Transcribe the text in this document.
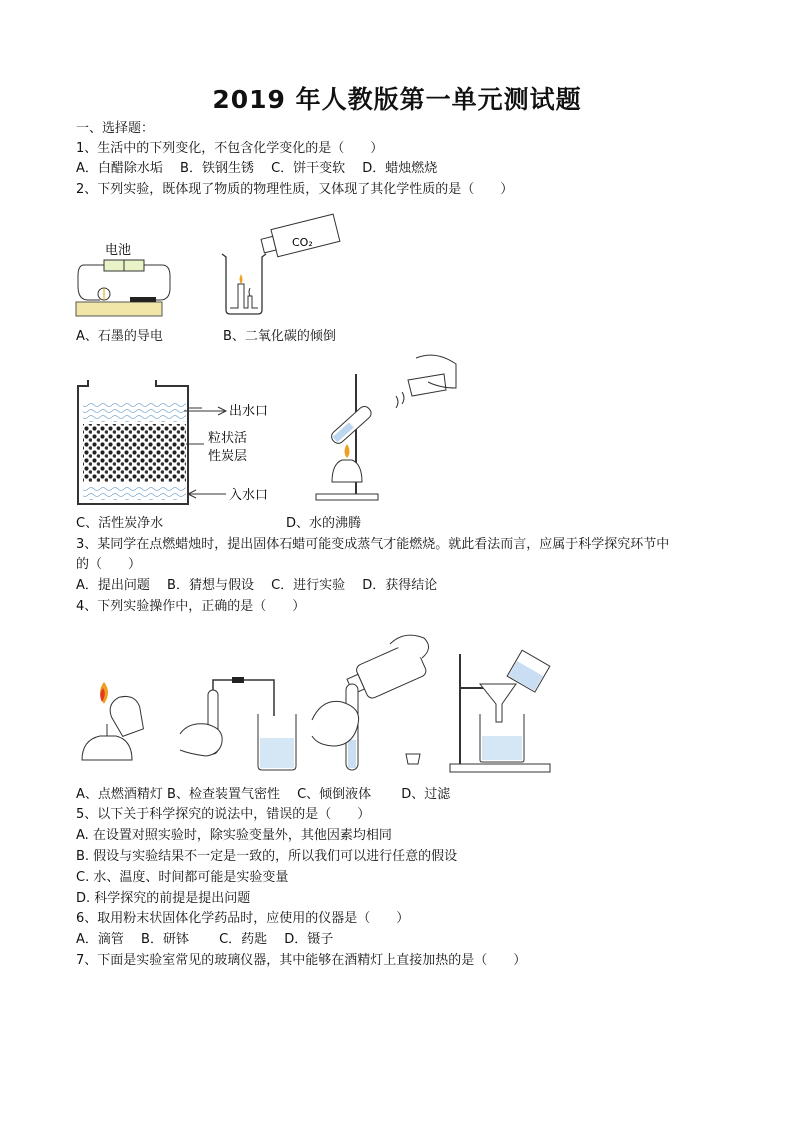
2019 年人教版第一单元测试题
一、选择题：
1、生活中的下列变化，不包含化学变化的是（　　）
A．白醋除水垢　 B．铁钢生锈　 C．饼干变软　 D．蜡烛燃烧
2、下列实验，既体现了物质的物理性质，又体现了其化学性质的是（　　）
电池
CO₂
A、石墨的导电	B、二氧化碳的倾倒
出水口
粒状活
性炭层
入水口
C、活性炭净水	D、水的沸腾
3、某同学在点燃蜡烛时，提出固体石蜡可能变成蒸气才能燃烧。就此看法而言，应属于科学探究环节中
的（　　）
A．提出问题　 B．猜想与假设　 C．进行实验　 D．获得结论
4、下列实验操作中，正确的是（　　）
A、点燃酒精灯 B、检查装置气密性　 C、倾倒液体　　 D、过滤
5、以下关于科学探究的说法中，错误的是（　　）
A. 在设置对照实验时，除实验变量外，其他因素均相同
B. 假设与实验结果不一定是一致的，所以我们可以进行任意的假设
C. 水、温度、时间都可能是实验变量
D. 科学探究的前提是提出问题
6、取用粉末状固体化学药品时，应使用的仪器是（　　）
A．滴管　 B．研钵　　 C．药匙　 D．镊子
7、下面是实验室常见的玻璃仪器，其中能够在酒精灯上直接加热的是（　　）
